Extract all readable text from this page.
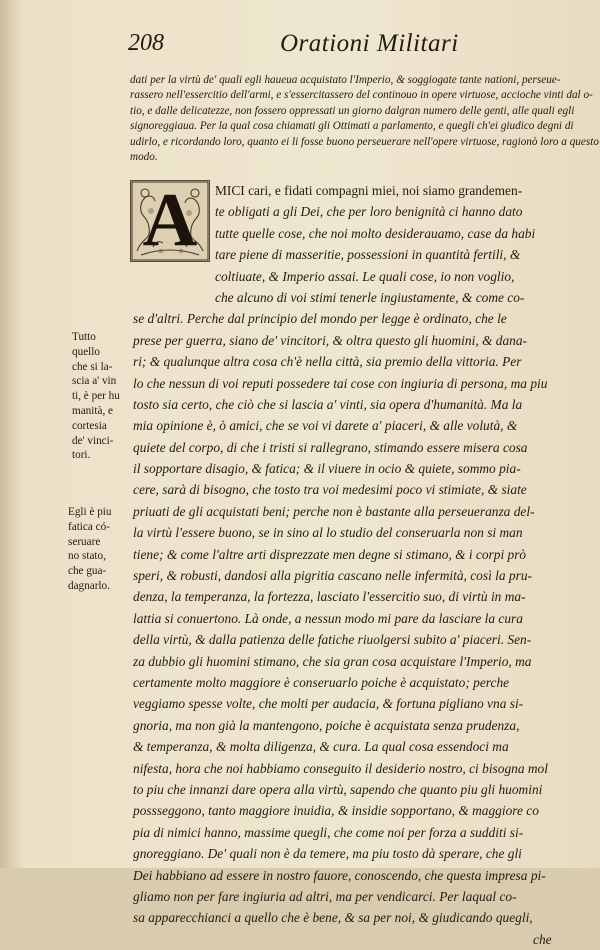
208	Orationi Militari
dati per la virtù de' quali egli haueua acquistato l'Imperio, & soggiogate tante nationi, perseue-
rassero nell'essercitio dell'armi, e s'essercitassero del continouo in opere virtuose, accioche vinti dal o-
tio, e dalle delicatezze, non fossero oppressati un giorno dalgran numero delle genti, alle quali egli
signoreggiaua. Per la qual cosa chiamati gli Ottimati a parlamento, e quegli ch'ei giudico degni di
udirlo, e ricordando loro, quanto ei li fosse buono perseuerare nell'opere virtuose, ragionò loro a questo
modo.
A	MICI cari, e fidati compagni miei, noi siamo grandemen-
te obligati a gli Dei, che per loro benignità ci hanno dato
tutte quelle cose, che noi molto desiderauamo, case da habi
tare piene di masseritie, possessioni in quantità fertili, &
coltiuate, & Imperio assai. Le quali cose, io non voglio,
che alcuno di voi stimi tenerle ingiustamente, & come co-
se d'altri. Perche dal principio del mondo per legge è ordinato, che le
prese per guerra, siano de' vincitori, & oltra questo gli huomini, & dana-
ri; & qualunque altra cosa ch'è nella città, sia premio della vittoria. Per
lo che nessun di voi reputi possedere tai cose con ingiuria di persona, ma piu
tosto sia certo, che ciò che si lascia a' vinti, sia opera d'humanità. Ma la
mia opinione è, ò amici, che se voi vi darete a' piaceri, & alle volutà, &
quiete del corpo, di che i tristi si rallegrano, stimando essere misera cosa
il sopportare disagio, & fatica; & il viuere in ocio & quiete, sommo pia-
cere, sarà di bisogno, che tosto tra voi medesimi poco vi stimiate, & siate
priuati de gli acquistati beni; perche non è bastante alla perseueranza del-
la virtù l'essere buono, se in sino al lo studio del conseruarla non si man
tiene; & come l'altre arti disprezzate men degne si stimano, & i corpi prò
speri, & robusti, dandosi alla pigritia cascano nelle infermità, così la pru-
denza, la temperanza, la fortezza, lasciato l'essercitio suo, di virtù in ma-
lattia si conuertono. Là onde, a nessun modo mi pare da lasciare la cura
della virtù, & dalla patienza delle fatiche riuolgersi subito a' piaceri. Sen-
za dubbio gli huomini stimano, che sia gran cosa acquistare l'Imperio, ma
certamente molto maggiore è conseruarlo poiche è acquistato; perche
veggiamo spesse volte, che molti per audacia, & fortuna pigliano vna si-
gnoria, ma non già la mantengono, poiche è acquistata senza prudenza,
& temperanza, & molta diligenza, & cura. La qual cosa essendoci ma
nifesta, hora che noi habbiamo conseguito il desiderio nostro, ci bisogna mol
to piu che innanzi dare opera alla virtù, sapendo che quanto piu gli huomini
possseggono, tanto maggiore inuidia, & insidie sopportano, & maggiore co
pia di nimici hanno, massime quegli, che come noi per forza a sudditi si-
gnoreggiano. De' quali non è da temere, ma piu tosto dà sperare, che gli
Dei habbiano ad essere in nostro fauore, conoscendo, che questa impresa pi-
gliamo non per fare ingiuria ad altri, ma per vendicarci. Per laqual co-
sa apparecchianci a quello che è bene, & sa per noi, & giudicando quegli,
che
Tutto
quello
che si la-
scia a' vin
ti, è per hu
manità, e
cortesia
de' vinci-
tori.
Egli è piu
fatica có-
seruare
no stato,
che gua-
dagnarlo.
